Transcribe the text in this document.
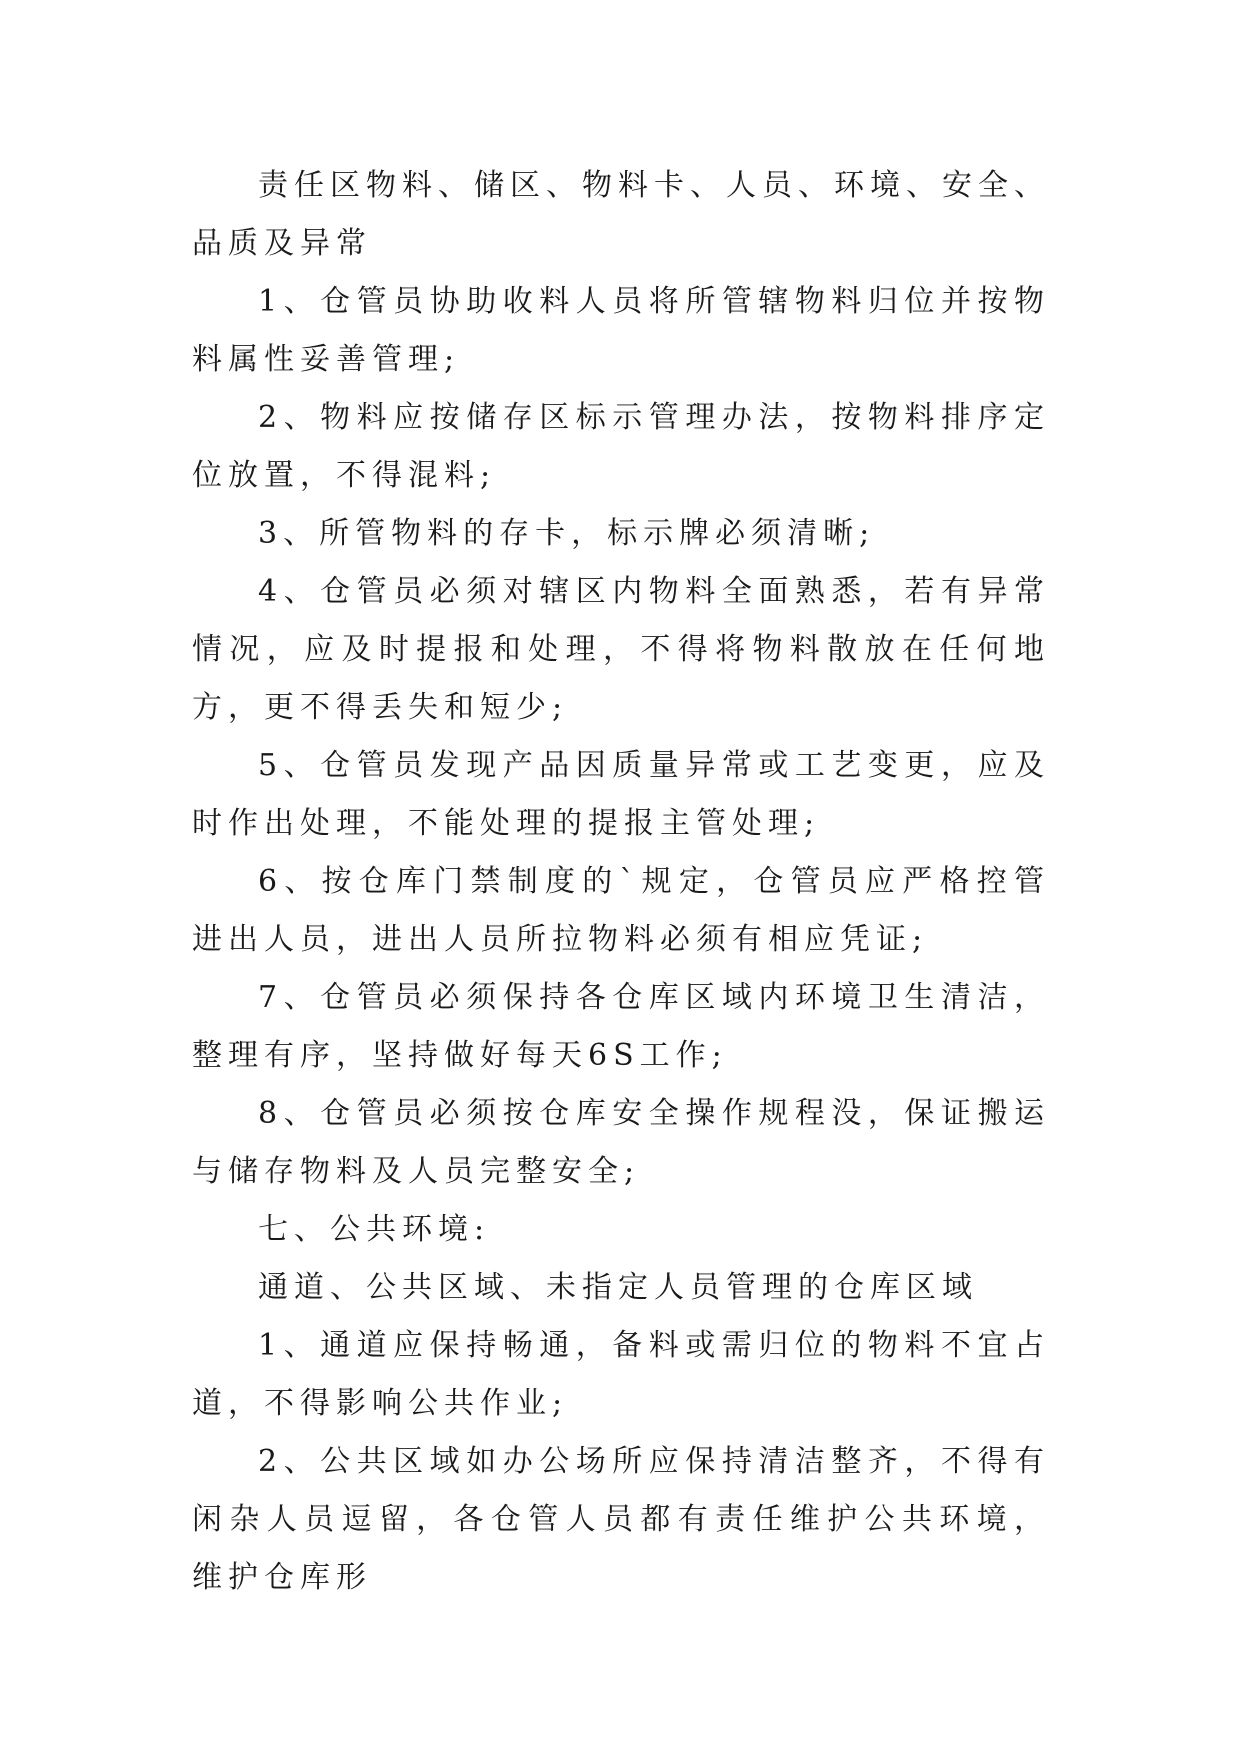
责任区物料、储区、物料卡、人员、环境、安全、品质及异常

1、仓管员协助收料人员将所管辖物料归位并按物料属性妥善管理;

2、物料应按储存区标示管理办法，按物料排序定位放置，不得混料;

3、所管物料的存卡，标示牌必须清晰;

4、仓管员必须对辖区内物料全面熟悉，若有异常情况，应及时提报和处理，不得将物料散放在任何地方，更不得丢失和短少;

5、仓管员发现产品因质量异常或工艺变更，应及时作出处理，不能处理的提报主管处理;

6、按仓库门禁制度的`规定，仓管员应严格控管进出人员，进出人员所拉物料必须有相应凭证;

7、仓管员必须保持各仓库区域内环境卫生清洁，整理有序，坚持做好每天6S工作;

8、仓管员必须按仓库安全操作规程没，保证搬运与储存物料及人员完整安全;

七、公共环境:

通道、公共区域、未指定人员管理的仓库区域

1、通道应保持畅通，备料或需归位的物料不宜占道，不得影响公共作业;

2、公共区域如办公场所应保持清洁整齐，不得有闲杂人员逗留，各仓管人员都有责任维护公共环境，维护仓库形
